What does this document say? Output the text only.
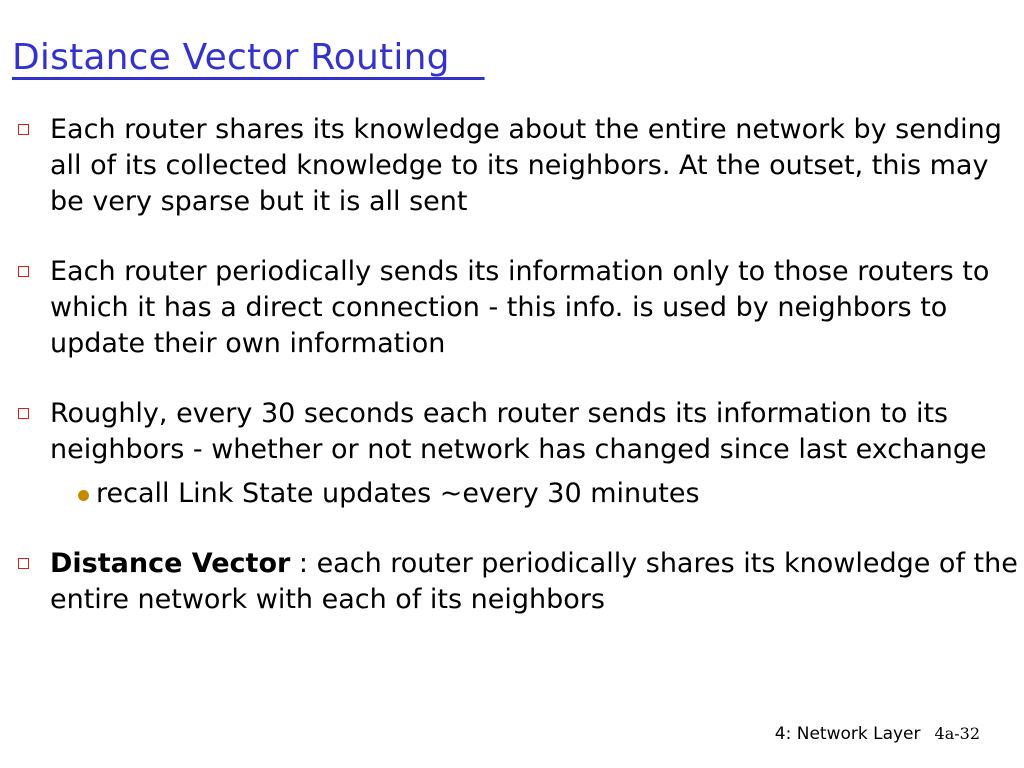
Distance Vector Routing
Each router shares its knowledge about the entire network by sending all of its collected knowledge to its neighbors. At the outset, this may be very sparse but it is all sent
Each router periodically sends its information only to those routers to which it has a direct connection - this info. is used by neighbors to update their own information
Roughly, every 30 seconds each router sends its information to its neighbors - whether or not network has changed since last exchange
recall Link State updates ~every 30 minutes
Distance Vector : each router periodically shares its knowledge of the entire network with each of its neighbors
4: Network Layer 4a-32
